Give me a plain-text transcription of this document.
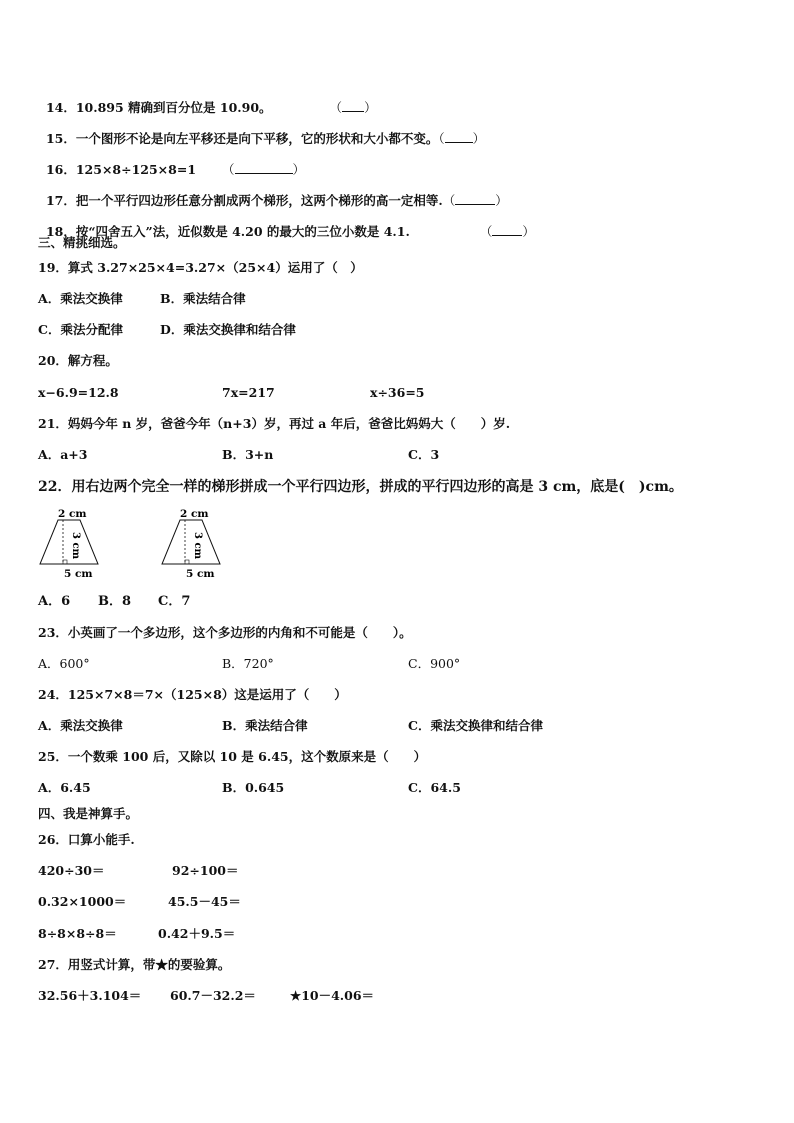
14．10.895 精确到百分位是 10.90。	（ ）

15．一个图形不论是向左平移还是向下平移，它的形状和大小都不变。（ ）

16．125×8÷125×8=1 （	）

17．把一个平行四边形任意分割成两个梯形，这两个梯形的高一定相等.（	）

18．按“四舍五入”法，近似数是 4.20 的最大的三位小数是 4.1.	（ ）

三、精挑细选。
19．算式 3.27×25×4=3.27×（25×4）运用了（　）
A．乘法交换律	B．乘法结合律
C．乘法分配律	D．乘法交换律和结合律
20．解方程。
x−6.9=12.8	7x=217	x÷36=5
21．妈妈今年 n 岁，爸爸今年（n+3）岁，再过 a 年后，爸爸比妈妈大（　　）岁.
A．a+3	B．3+n	C．3
22．用右边两个完全一样的梯形拼成一个平行四边形，拼成的平行四边形的高是 3 cm，底是(　)cm。
2 cm
3 cm
5 cm
2 cm
3 cm
5 cm
A．6 B．8 C．7
23．小英画了一个多边形，这个多边形的内角和不可能是（　　）。
A．600°	B．720°	C．900°
24．125×7×8＝7×（125×8）这是运用了（　　）
A．乘法交换律	B．乘法结合律	C．乘法交换律和结合律
25．一个数乘 100 后，又除以 10 是 6.45，这个数原来是（　　）
A．6.45	B．0.645	C．64.5
四、我是神算手。
26．口算小能手.
420÷30＝	92÷100＝
0.32×1000＝	45.5－45＝
8÷8×8÷8＝	0.42＋9.5＝
27．用竖式计算，带★的要验算。
32.56＋3.104＝ 60.7－32.2＝	★10－4.06＝
